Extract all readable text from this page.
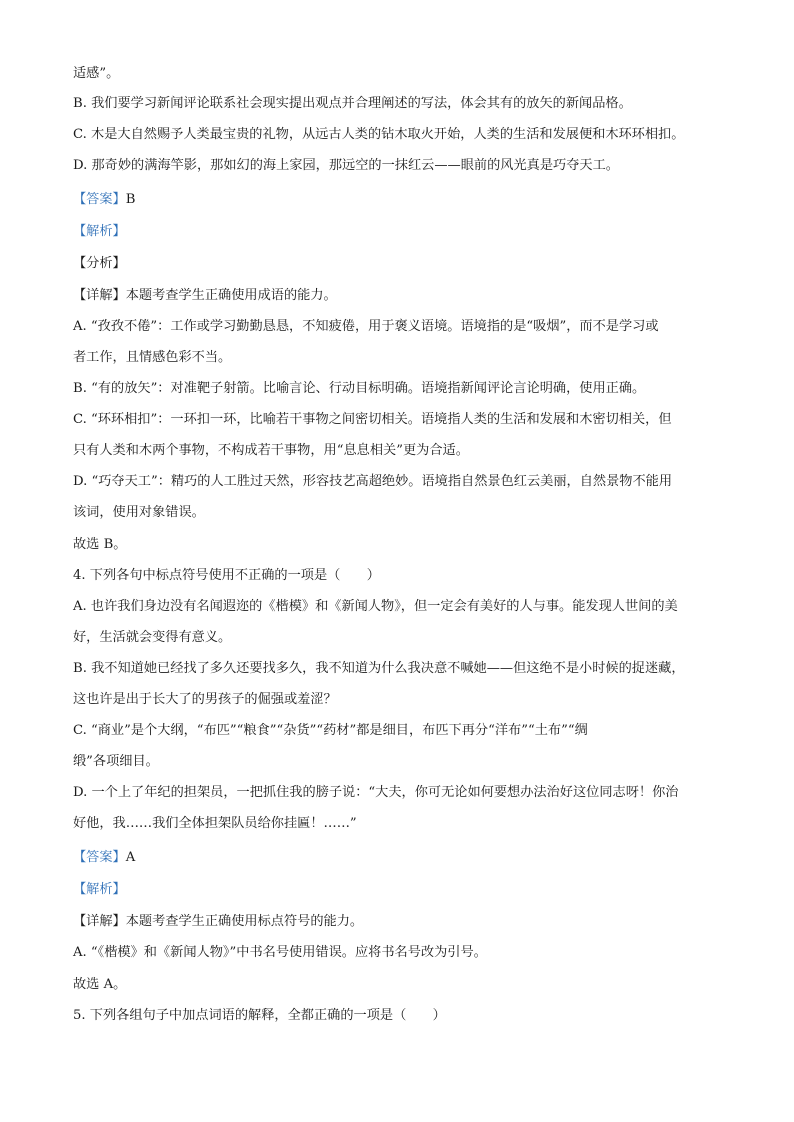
适感”。
B. 我们要学习新闻评论联系社会现实提出观点并合理阐述的写法，体会其有的放矢的新闻品格。
C. 木是大自然赐予人类最宝贵的礼物，从远古人类的钻木取火开始，人类的生活和发展便和木环环相扣。
D. 那奇妙的满海竿影，那如幻的海上家园，那远空的一抹红云——眼前的风光真是巧夺天工。
【答案】B
【解析】
【分析】
【详解】本题考查学生正确使用成语的能力。
A. “孜孜不倦”：工作或学习勤勤恳恳，不知疲倦，用于褒义语境。语境指的是“吸烟”，而不是学习或
者工作，且情感色彩不当。
B. “有的放矢”：对准靶子射箭。比喻言论、行动目标明确。语境指新闻评论言论明确，使用正确。
C. “环环相扣”：一环扣一环，比喻若干事物之间密切相关。语境指人类的生活和发展和木密切相关，但
只有人类和木两个事物，不构成若干事物，用“息息相关”更为合适。
D. “巧夺天工”：精巧的人工胜过天然，形容技艺高超绝妙。语境指自然景色红云美丽，自然景物不能用
该词，使用对象错误。
故选 B。
4. 下列各句中标点符号使用不正确的一项是（　　）
A. 也许我们身边没有名闻遐迩的《楷模》和《新闻人物》，但一定会有美好的人与事。能发现人世间的美
好，生活就会变得有意义。
B. 我不知道她已经找了多久还要找多久，我不知道为什么我决意不喊她——但这绝不是小时候的捉迷藏，
这也许是出于长大了的男孩子的倔强或羞涩？
C. “商业”是个大纲，“布匹”“粮食”“杂货”“药材”都是细目，布匹下再分“洋布”“土布”“绸
缎”各项细目。
D. 一个上了年纪的担架员，一把抓住我的膀子说：“大夫，你可无论如何要想办法治好这位同志呀！你治
好他，我……我们全体担架队员给你挂匾！……”
【答案】A
【解析】
【详解】本题考查学生正确使用标点符号的能力。
A. “《楷模》和《新闻人物》”中书名号使用错误。应将书名号改为引号。
故选 A。
5. 下列各组句子中加点词语的解释，全都正确的一项是（　　）
